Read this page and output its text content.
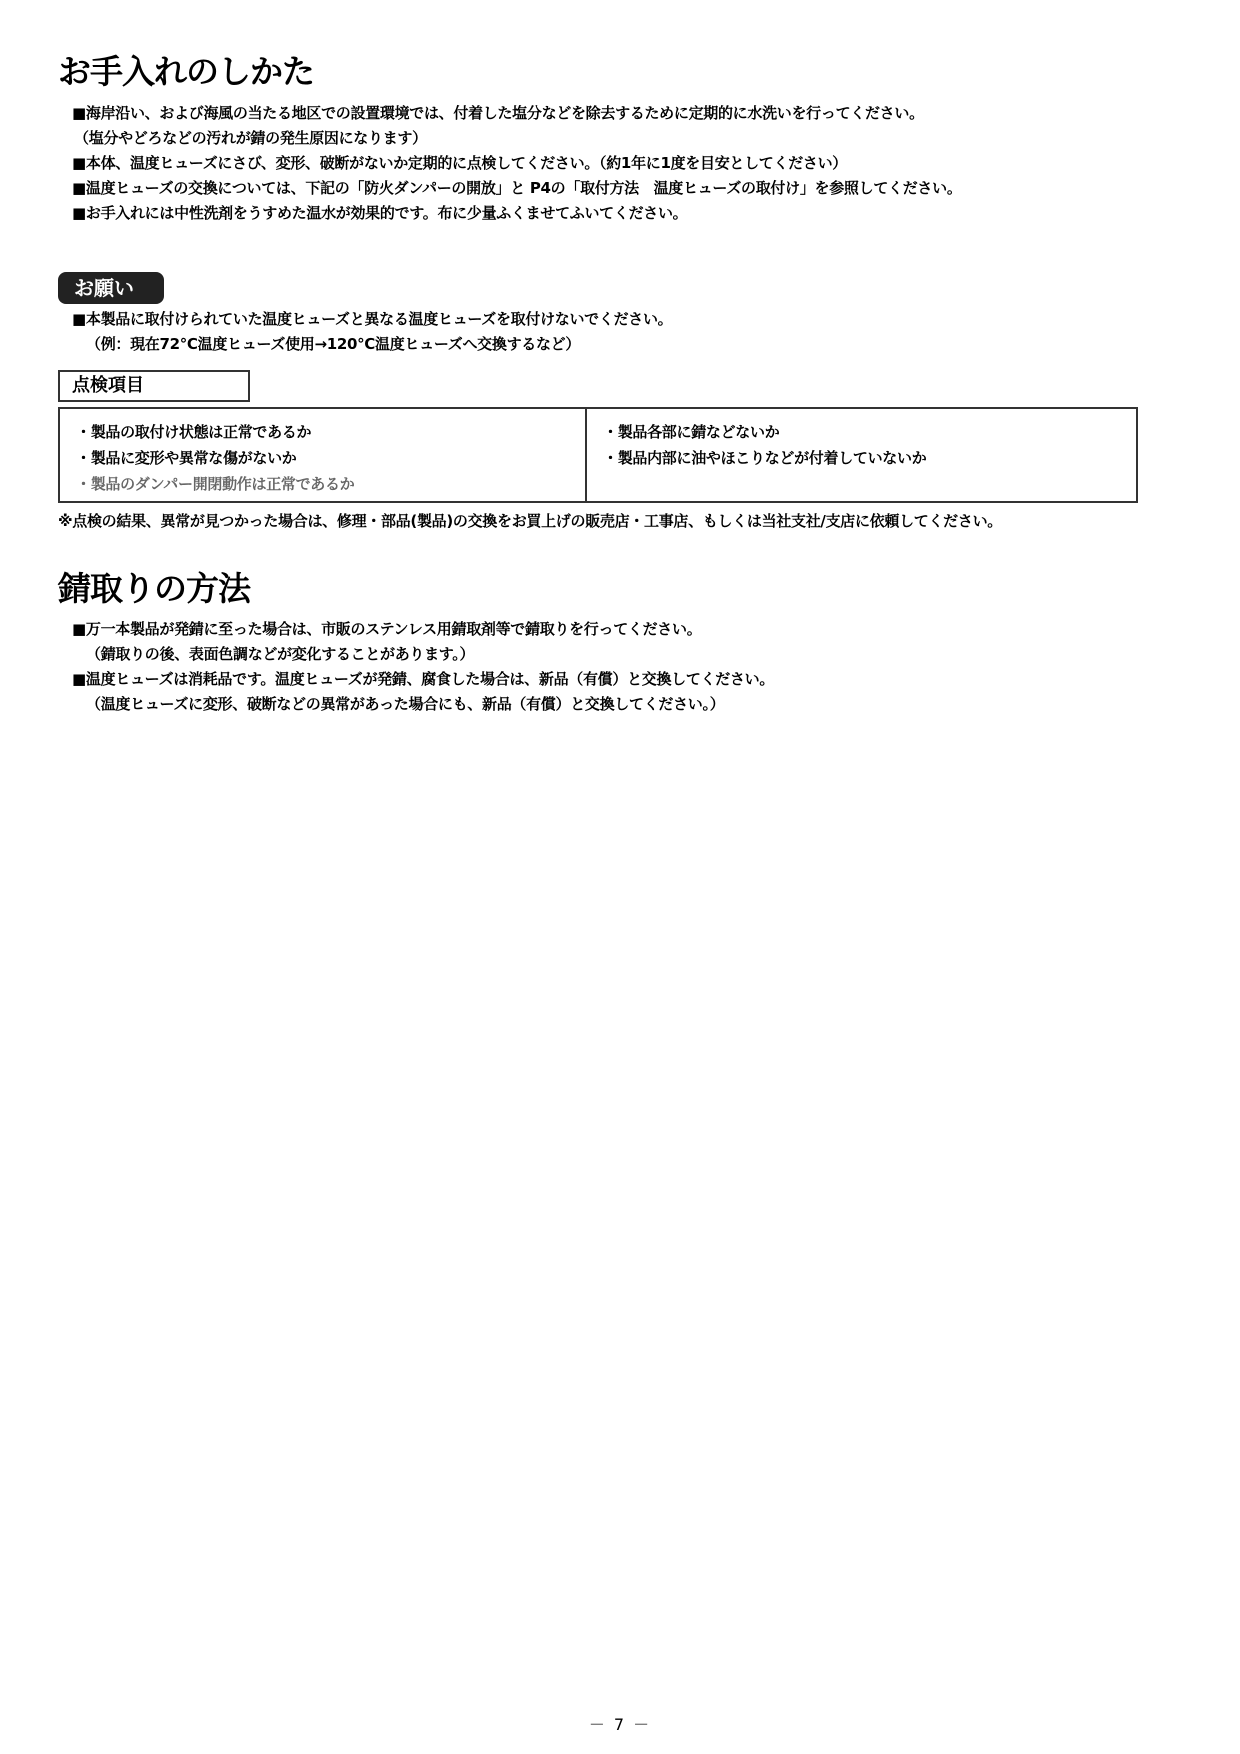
お手入れのしかた
■海岸沿い、および海風の当たる地区での設置環境では、付着した塩分などを除去するために定期的に水洗いを行ってください。
（塩分やどろなどの汚れが錆の発生原因になります）
■本体、温度ヒューズにさび、変形、破断がないか定期的に点検してください。（約1年に1度を目安としてください）
■温度ヒューズの交換については、下記の「防火ダンパーの開放」と P4の「取付方法　温度ヒューズの取付け」を参照してください。
■お手入れには中性洗剤をうすめた温水が効果的です。布に少量ふくませてふいてください。
お願い
■本製品に取付けられていた温度ヒューズと異なる温度ヒューズを取付けないでください。
（例：現在72℃温度ヒューズ使用→120℃温度ヒューズへ交換するなど）
点検項目
・製品の取付け状態は正常であるか
・製品に変形や異常な傷がないか
・製品のダンパー開閉動作は正常であるか
・製品各部に錆などないか
・製品内部に油やほこりなどが付着していないか
※点検の結果、異常が見つかった場合は、修理・部品(製品)の交換をお買上げの販売店・工事店、もしくは当社支社/支店に依頼してください。
錆取りの方法
■万一本製品が発錆に至った場合は、市販のステンレス用錆取剤等で錆取りを行ってください。
（錆取りの後、表面色調などが変化することがあります。）
■温度ヒューズは消耗品です。温度ヒューズが発錆、腐食した場合は、新品（有償）と交換してください。
（温度ヒューズに変形、破断などの異常があった場合にも、新品（有償）と交換してください。）
－ 7 －
